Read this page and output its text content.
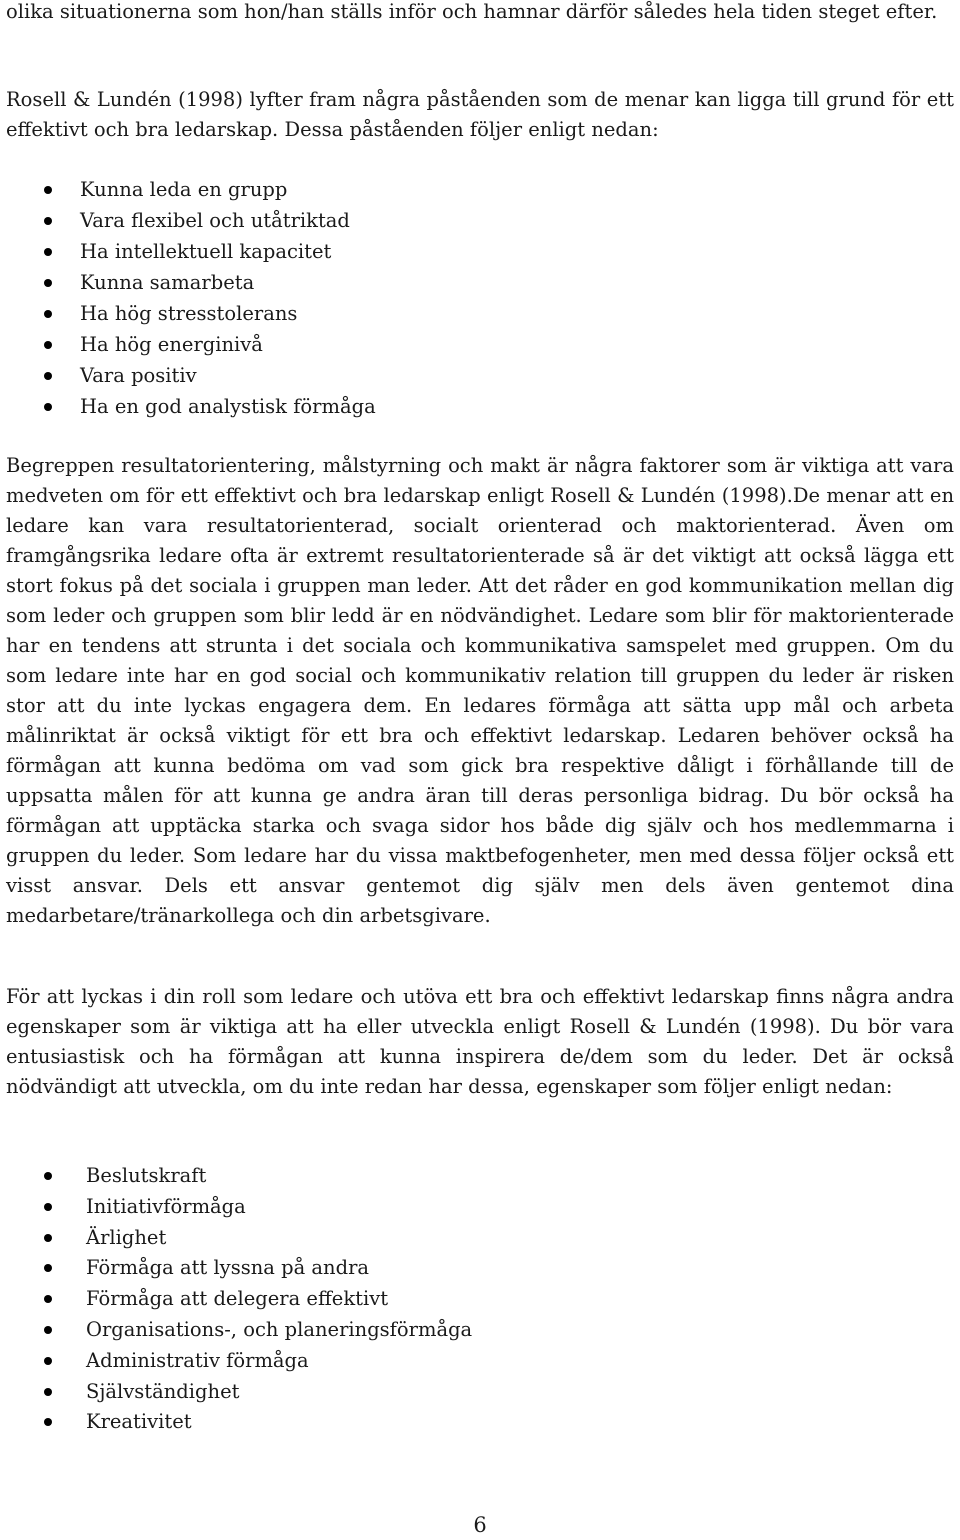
olika situationerna som hon/han ställs inför och hamnar därför således hela tiden steget efter.

Rosell & Lundén (1998) lyfter fram några påståenden som de menar kan ligga till grund för ett effektivt och bra ledarskap. Dessa påståenden följer enligt nedan:

Kunna leda en grupp
Vara flexibel och utåtriktad
Ha intellektuell kapacitet
Kunna samarbeta
Ha hög stresstolerans
Ha hög energinivå
Vara positiv
Ha en god analystisk förmåga

Begreppen resultatorientering, målstyrning och makt är några faktorer som är viktiga att vara medveten om för ett effektivt och bra ledarskap enligt Rosell & Lundén (1998).De menar att en ledare kan vara resultatorienterad, socialt orienterad och maktorienterad. Även om framgångsrika ledare ofta är extremt resultatorienterade så är det viktigt att också lägga ett stort fokus på det sociala i gruppen man leder. Att det råder en god kommunikation mellan dig som leder och gruppen som blir ledd är en nödvändighet. Ledare som blir för maktorienterade har en tendens att strunta i det sociala och kommunikativa samspelet med gruppen. Om du som ledare inte har en god social och kommunikativ relation till gruppen du leder är risken stor att du inte lyckas engagera dem. En ledares förmåga att sätta upp mål och arbeta målinriktat är också viktigt för ett bra och effektivt ledarskap. Ledaren behöver också ha förmågan att kunna bedöma om vad som gick bra respektive dåligt i förhållande till de uppsatta målen för att kunna ge andra äran till deras personliga bidrag. Du bör också ha förmågan att upptäcka starka och svaga sidor hos både dig själv och hos medlemmarna i gruppen du leder. Som ledare har du vissa maktbefogenheter, men med dessa följer också ett visst ansvar. Dels ett ansvar gentemot dig själv men dels även gentemot dina medarbetare/tränarkollega och din arbetsgivare.

För att lyckas i din roll som ledare och utöva ett bra och effektivt ledarskap finns några andra egenskaper som är viktiga att ha eller utveckla enligt Rosell & Lundén (1998). Du bör vara entusiastisk och ha förmågan att kunna inspirera de/dem som du leder. Det är också nödvändigt att utveckla, om du inte redan har dessa, egenskaper som följer enligt nedan:

Beslutskraft
Initiativförmåga
Ärlighet
Förmåga att lyssna på andra
Förmåga att delegera effektivt
Organisations-, och planeringsförmåga
Administrativ förmåga
Självständighet
Kreativitet
6
